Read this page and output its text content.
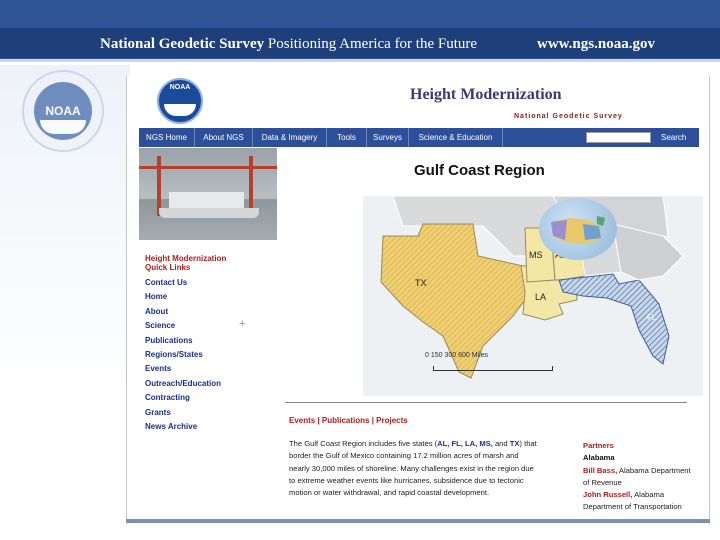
National Geodetic Survey Positioning America for the Future	www.ngs.noaa.gov
NOAA
NOAA	Height Modernization
National Geodetic Survey
NGS Home	About NGS	Data & Imagery	Tools	Surveys	Science & Education	Search
Height Modernization
Quick Links
Contact Us
Home
About
Science
Publications
Regions/States
Events
Outreach/Education
Contracting
Grants
News Archive
+
Gulf Coast Region
TX
MS
LA
FL
0 150 300 600 Miles
Events | Publications | Projects
The Gulf Coast Region includes five states (AL, FL, LA, MS, and TX) that border the Gulf of Mexico containing 17.2 million acres of marsh and nearly 30,000 miles of shoreline. Many challenges exist in the region due to extreme weather events like hurricanes, subsidence due to tectonic motion or water withdrawal, and rapid coastal development.
Partners
Alabama
Bill Bass, Alabama Department of Revenue
John Russell, Alabama Department of Transportation
